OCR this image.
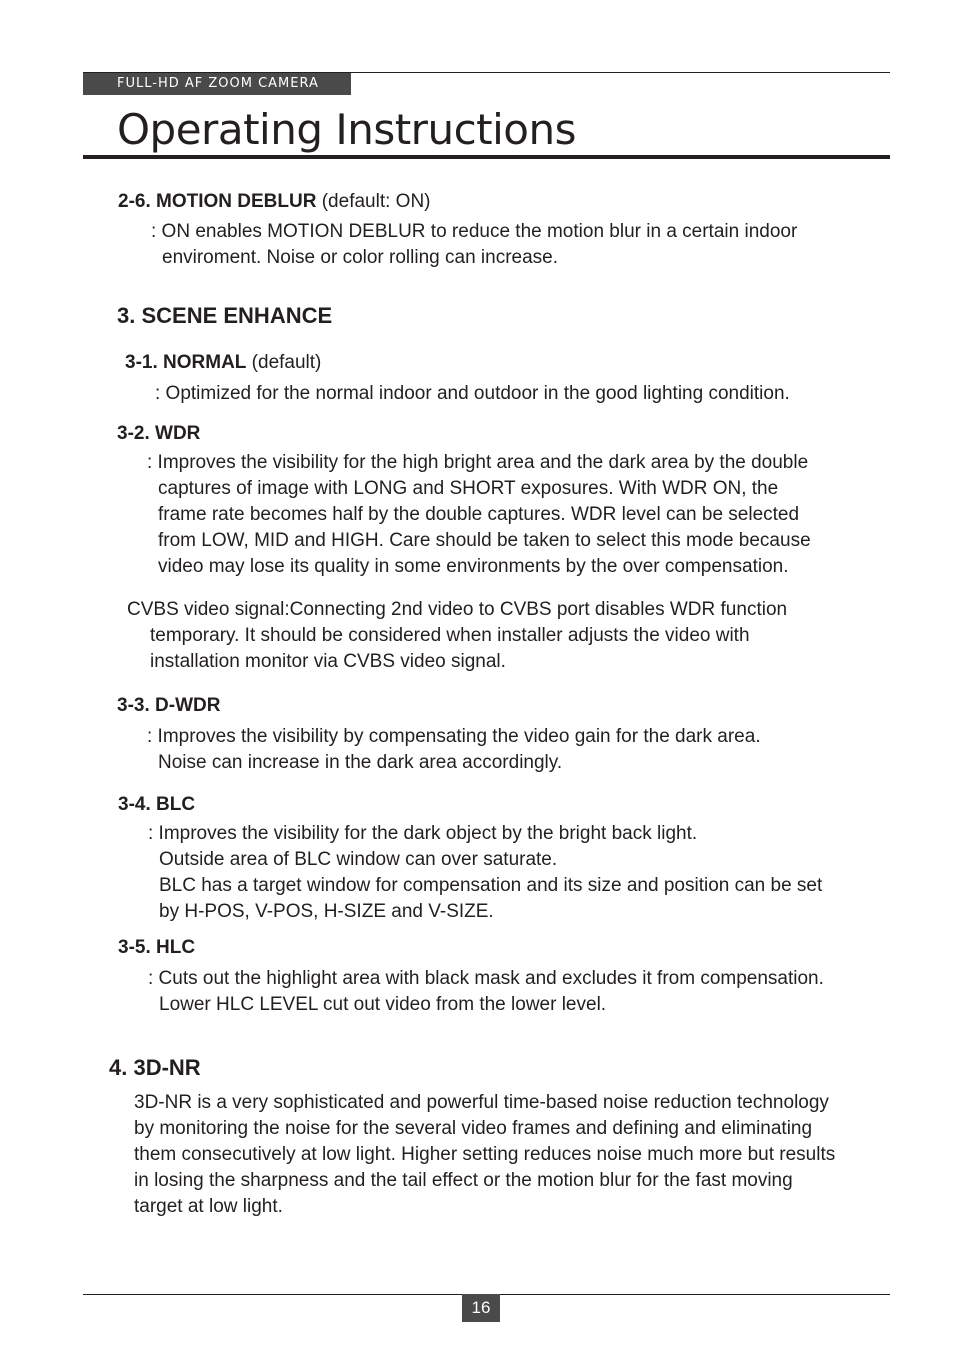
FULL-HD AF ZOOM CAMERA
Operating Instructions
2-6. MOTION DEBLUR (default: ON)
: ON enables MOTION DEBLUR to reduce the motion blur in a certain indoor
enviroment. Noise or color rolling can increase.
3. SCENE ENHANCE
3-1. NORMAL (default)
: Optimized for the normal indoor and outdoor in the good lighting condition.
3-2. WDR
: Improves the visibility for the high bright area and the dark area by the double
captures of image with LONG and SHORT exposures. With WDR ON, the
frame rate becomes half by the double captures. WDR level can be selected
from LOW, MID and HIGH. Care should be taken to select this mode because
video may lose its quality in some environments by the over compensation.
CVBS video signal:Connecting 2nd video to CVBS port disables WDR function
temporary. It should be considered when installer adjusts the video with
installation monitor via CVBS video signal.
3-3. D-WDR
: Improves the visibility by compensating the video gain for the dark area.
Noise can increase in the dark area accordingly.
3-4. BLC
: Improves the visibility for the dark object by the bright back light.
Outside area of BLC window can over saturate.
BLC has a target window for compensation and its size and position can be set
by H-POS, V-POS, H-SIZE and V-SIZE.
3-5. HLC
: Cuts out the highlight area with black mask and excludes it from compensation.
Lower HLC LEVEL cut out video from the lower level.
4. 3D-NR
3D-NR is a very sophisticated and powerful time-based noise reduction technology
by monitoring the noise for the several video frames and defining and eliminating
them consecutively at low light. Higher setting reduces noise much more but results
in losing the sharpness and the tail effect or the motion blur for the fast moving
target at low light.
16
